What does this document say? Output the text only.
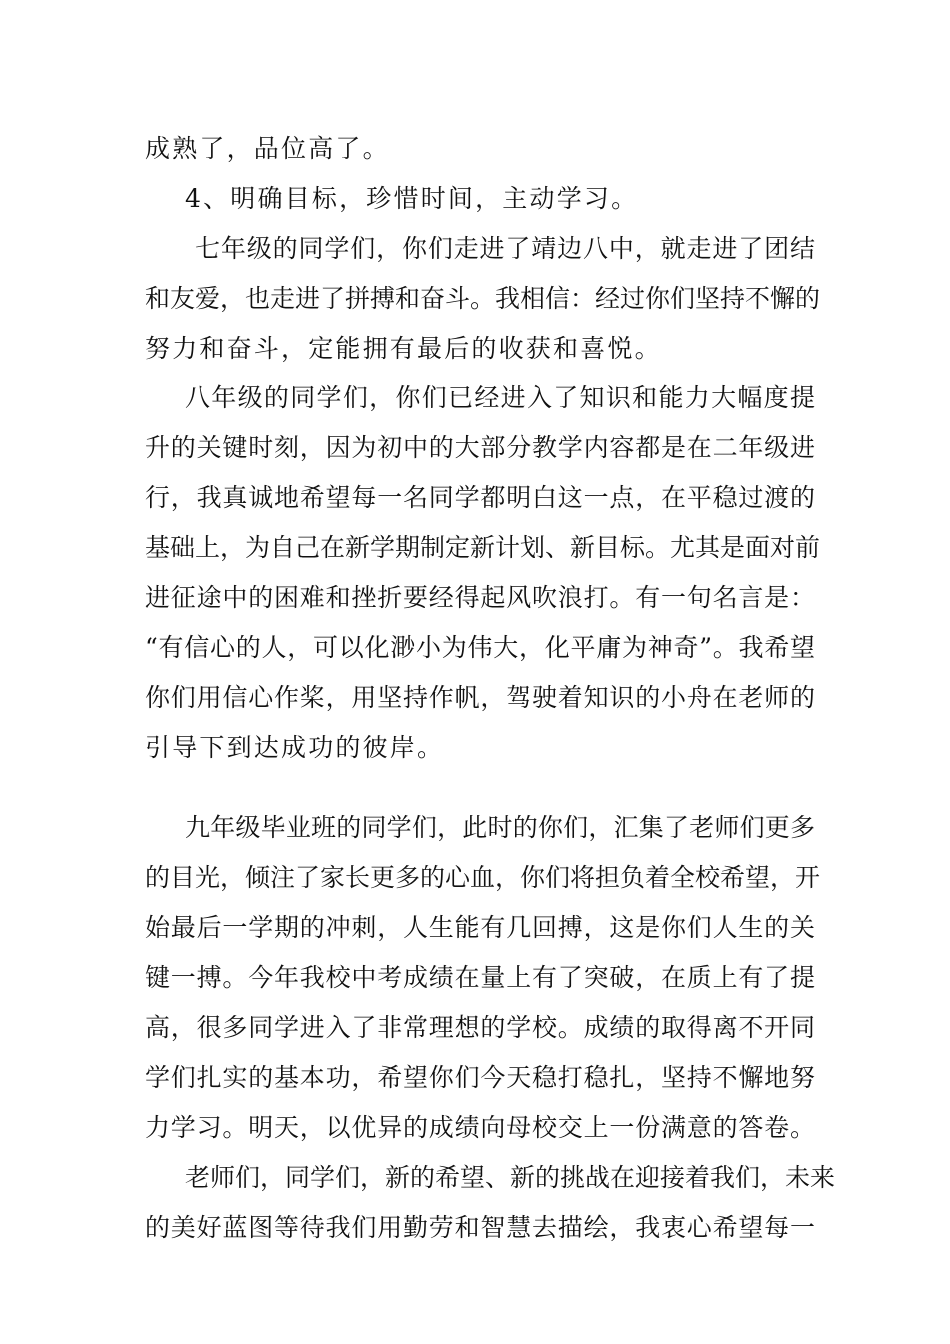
成熟了，品位高了。
4、明确目标，珍惜时间，主动学习。
七年级的同学们，你们走进了靖边八中，就走进了团结
和友爱，也走进了拼搏和奋斗。我相信：经过你们坚持不懈的
努力和奋斗，定能拥有最后的收获和喜悦。
八年级的同学们，你们已经进入了知识和能力大幅度提
升的关键时刻，因为初中的大部分教学内容都是在二年级进
行，我真诚地希望每一名同学都明白这一点，在平稳过渡的
基础上，为自己在新学期制定新计划、新目标。尤其是面对前
进征途中的困难和挫折要经得起风吹浪打。有一句名言是：
“有信心的人，可以化渺小为伟大，化平庸为神奇”。我希望
你们用信心作桨，用坚持作帆，驾驶着知识的小舟在老师的
引导下到达成功的彼岸。
九年级毕业班的同学们，此时的你们，汇集了老师们更多
的目光，倾注了家长更多的心血，你们将担负着全校希望，开
始最后一学期的冲刺，人生能有几回搏，这是你们人生的关
键一搏。今年我校中考成绩在量上有了突破，在质上有了提
高，很多同学进入了非常理想的学校。成绩的取得离不开同
学们扎实的基本功，希望你们今天稳打稳扎，坚持不懈地努
力学习。明天，以优异的成绩向母校交上一份满意的答卷。
老师们，同学们，新的希望、新的挑战在迎接着我们，未来
的美好蓝图等待我们用勤劳和智慧去描绘，我衷心希望每一
